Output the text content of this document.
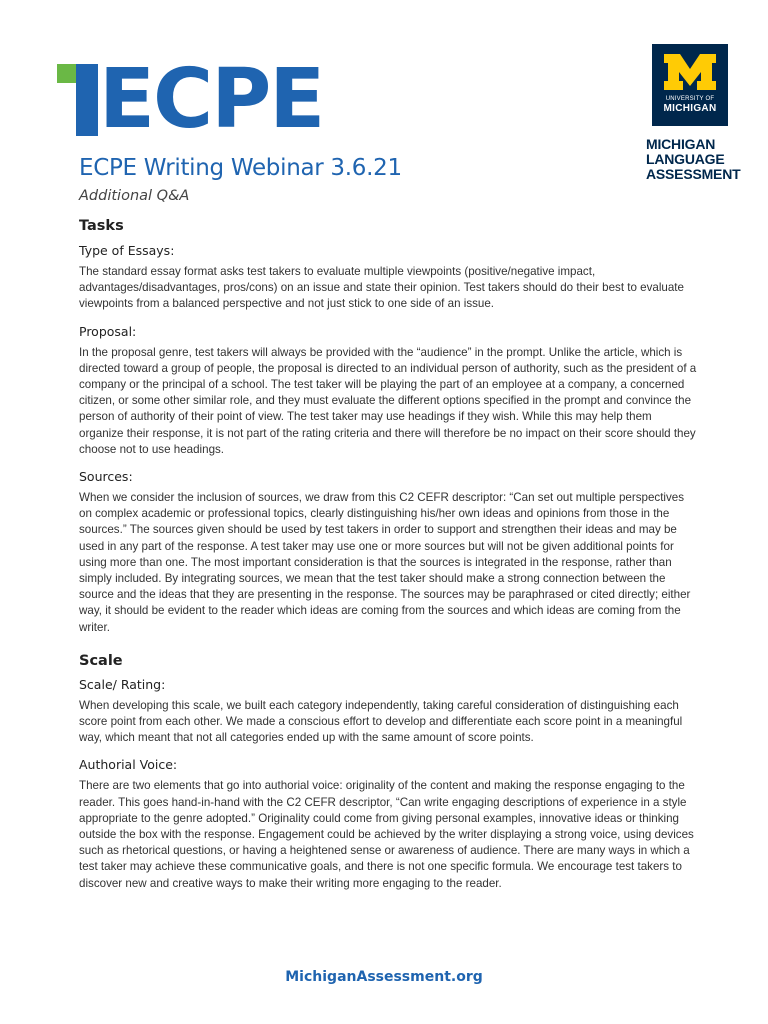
ECPE	UNIVERSITY OF
MICHIGAN
MICHIGAN
LANGUAGE
ASSESSMENT
ECPE Writing Webinar 3.6.21

Additional Q&A

Tasks
Type of Essays:

The standard essay format asks test takers to evaluate multiple viewpoints (positive/negative impact, advantages/disadvantages, pros/cons) on an issue and state their opinion. Test takers should do their best to evaluate viewpoints from a balanced perspective and not just stick to one side of an issue.

Proposal:

In the proposal genre, test takers will always be provided with the “audience” in the prompt. Unlike the article, which is directed toward a group of people, the proposal is directed to an individual person of authority, such as the president of a company or the principal of a school. The test taker will be playing the part of an employee at a company, a concerned citizen, or some other similar role, and they must evaluate the different options specified in the prompt and convince the person of authority of their point of view. The test taker may use headings if they wish. While this may help them organize their response, it is not part of the rating criteria and there will therefore be no impact on their score should they choose not to use headings.

Sources:

When we consider the inclusion of sources, we draw from this C2 CEFR descriptor: “Can set out multiple perspectives on complex academic or professional topics, clearly distinguishing his/her own ideas and opinions from those in the sources.” The sources given should be used by test takers in order to support and strengthen their ideas and may be used in any part of the response. A test taker may use one or more sources but will not be given additional points for using more than one. The most important consideration is that the sources is integrated in the response, rather than simply included. By integrating sources, we mean that the test taker should make a strong connection between the source and the ideas that they are presenting in the response. The sources may be paraphrased or cited directly; either way, it should be evident to the reader which ideas are coming from the sources and which ideas are coming from the writer.

Scale
Scale/ Rating:

When developing this scale, we built each category independently, taking careful consideration of distinguishing each score point from each other. We made a conscious effort to develop and differentiate each score point in a meaningful way, which meant that not all categories ended up with the same amount of score points.

Authorial Voice:

There are two elements that go into authorial voice: originality of the content and making the response engaging to the reader. This goes hand-in-hand with the C2 CEFR descriptor, “Can write engaging descriptions of experience in a style appropriate to the genre adopted.” Originality could come from giving personal examples, innovative ideas or thinking outside the box with the response. Engagement could be achieved by the writer displaying a strong voice, using devices such as rhetorical questions, or having a heightened sense or awareness of audience. There are many ways in which a test taker may achieve these communicative goals, and there is not one specific formula. We encourage test takers to discover new and creative ways to make their writing more engaging to the reader.

MichiganAssessment.org
